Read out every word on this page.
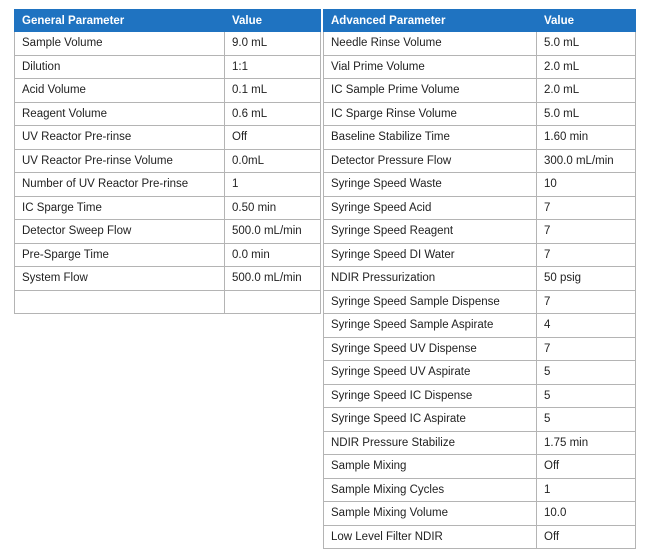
General Parameter	Value
Sample Volume	9.0 mL
Dilution	1:1
Acid Volume	0.1 mL
Reagent Volume	0.6 mL
UV Reactor Pre-rinse	Off
UV Reactor Pre-rinse Volume	0.0mL
Number of UV Reactor Pre-rinse	1
IC Sparge Time	0.50 min
Detector Sweep Flow	500.0 mL/min
Pre-Sparge Time	0.0 min
System Flow	500.0 mL/min

Advanced Parameter	Value
Needle Rinse Volume	5.0 mL
Vial Prime Volume	2.0 mL
IC Sample Prime Volume	2.0 mL
IC Sparge Rinse Volume	5.0 mL
Baseline Stabilize Time	1.60 min
Detector Pressure Flow	300.0 mL/min
Syringe Speed Waste	10
Syringe Speed Acid	7
Syringe Speed Reagent	7
Syringe Speed DI Water	7
NDIR Pressurization	50 psig
Syringe Speed Sample Dispense	7
Syringe Speed Sample Aspirate	4
Syringe Speed UV Dispense	7
Syringe Speed UV Aspirate	5
Syringe Speed IC Dispense	5
Syringe Speed IC Aspirate	5
NDIR Pressure Stabilize	1.75 min
Sample Mixing	Off
Sample Mixing Cycles	1
Sample Mixing Volume	10.0
Low Level Filter NDIR	Off
